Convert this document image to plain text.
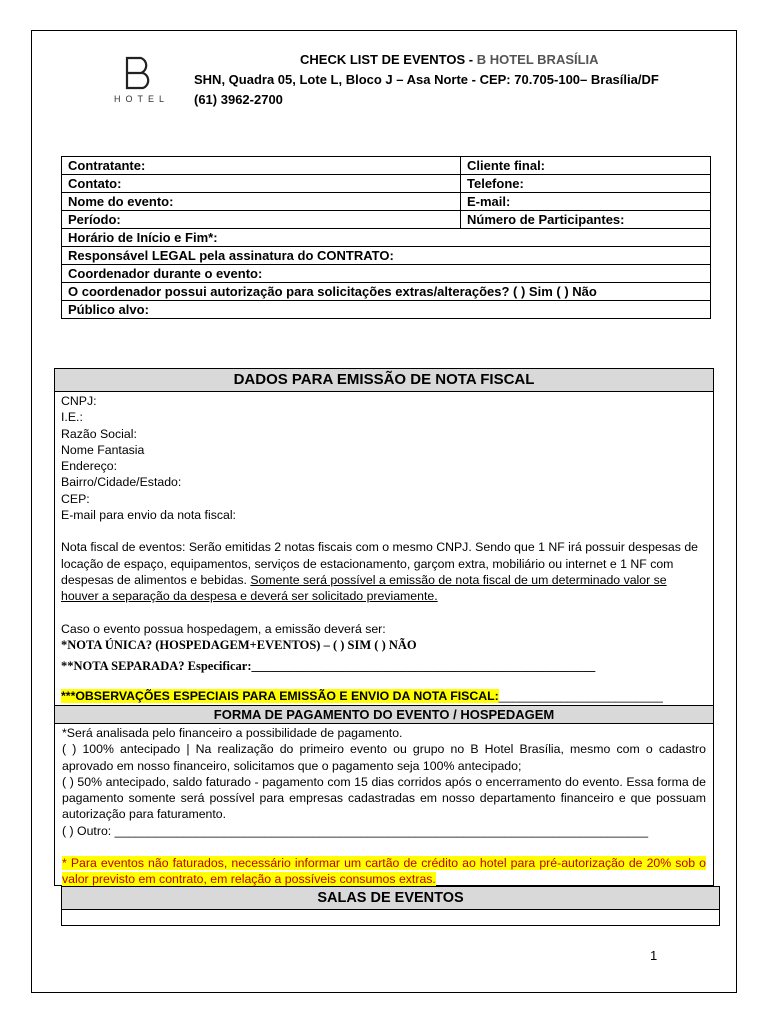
HOTEL
CHECK LIST DE EVENTOS - B HOTEL BRASÍLIA
SHN, Quadra 05, Lote L, Bloco J – Asa Norte - CEP: 70.705-100– Brasília/DF
(61) 3962-2700
Contratante:	Cliente final:
Contato:	Telefone:
Nome do evento:	E-mail:
Período:	Número de Participantes:
Horário de Início e Fim*:	
Responsável LEGAL pela assinatura do CONTRATO:	
Coordenador durante o evento:	
O coordenador possui autorização para solicitações extras/alterações? ( ) Sim ( ) Não	
Público alvo:	
DADOS PARA EMISSÃO DE NOTA FISCAL

CNPJ:

I.E.:

Razão Social:

Nome Fantasia

Endereço:

Bairro/Cidade/Estado:

CEP:

E-mail para envio da nota fiscal:

Nota fiscal de eventos: Serão emitidas 2 notas fiscais com o mesmo CNPJ. Sendo que 1 NF irá possuir despesas de locação de espaço, equipamentos, serviços de estacionamento, garçom extra, mobiliário ou internet e 1 NF com despesas de alimentos e bebidas. Somente será possível a emissão de nota fiscal de um determinado valor se houver a separação da despesa e deverá ser solicitado previamente.

Caso o evento possua hospedagem, a emissão deverá ser:

*NOTA ÚNICA? (HOSPEDAGEM+EVENTOS) – ( ) SIM ( ) NÃO

**NOTA SEPARADA? Especificar:_______________________________________________________

***OBSERVAÇÕES ESPECIAIS PARA EMISSÃO E ENVIO DA NOTA FISCAL:________________________

FORMA DE PAGAMENTO DO EVENTO / HOSPEDAGEM

*Será analisada pelo financeiro a possibilidade de pagamento.

( ) 100% antecipado | Na realização do primeiro evento ou grupo no B Hotel Brasília, mesmo com o cadastro aprovado em nosso financeiro, solicitamos que o pagamento seja 100% antecipado;

( ) 50% antecipado, saldo faturado - pagamento com 15 dias corridos após o encerramento do evento. Essa forma de pagamento somente será possível para empresas cadastradas em nosso departamento financeiro e que possuam autorização para faturamento.

( ) Outro: ______________________________________________________________________________

* Para eventos não faturados, necessário informar um cartão de crédito ao hotel para pré-autorização de 20% sob o valor previsto em contrato, em relação a possíveis consumos extras.

SALAS DE EVENTOS
1
